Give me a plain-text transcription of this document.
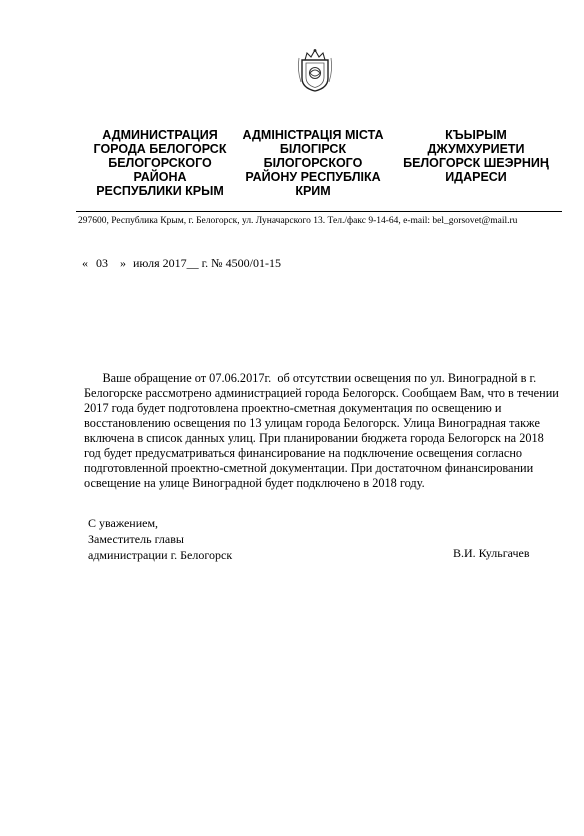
АДМИНИСТРАЦИЯ
ГОРОДА БЕЛОГОРСК
БЕЛОГОРСКОГО
РАЙОНА
РЕСПУБЛИКИ КРЫМ
АДМІНІСТРАЦІЯ МІСТА
БІЛОГІРСК
БІЛОГОРСКОГО
РАЙОНУ РЕСПУБЛІКА
КРИМ
КЪЫРЫМ
ДЖУМХУРИЕТИ
БЕЛОГОРСК ШЕЭРНИҢ
ИДАРЕСИ
297600, Республика Крым, г. Белогорск, ул. Луначарского 13. Тел./факс 9-14-64, e-mail: bel_gorsovet@mail.ru
« 03 » июля 2017__ г. № 4500/01-15
Ваше обращение от 07.06.2017г.  об отсутствии освещения по ул. Виноградной в г.
Белогорске рассмотрено администрацией города Белогорск. Сообщаем Вам, что в течении
2017 года будет подготовлена проектно-сметная документация по освещению и
восстановлению освещения по 13 улицам города Белогорск. Улица Виноградная также
включена в список данных улиц. При планировании бюджета города Белогорск на 2018
год будет предусматриваться финансирование на подключение освещения согласно
подготовленной проектно-сметной документации. При достаточном финансировании
освещение на улице Виноградной будет подключено в 2018 году.
С уважением,
Заместитель главы
администрации г. Белогорск	В.И. Кульгачев
